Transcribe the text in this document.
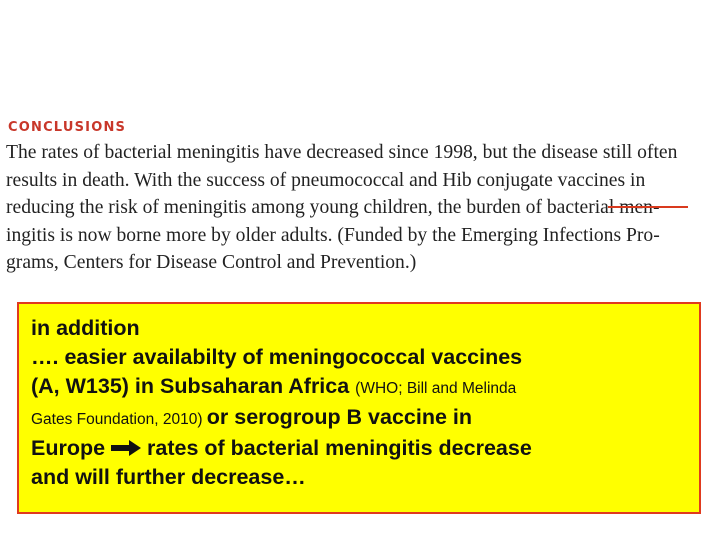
CONCLUSIONS

The rates of bacterial meningitis have decreased since 1998, but the disease still often

results in death. With the success of pneumococcal and Hib conjugate vaccines in

reducing the risk of meningitis among young children, the burden of bacterial men-

ingitis is now borne more by older adults. (Funded by the Emerging Infections Pro-

grams, Centers for Disease Control and Prevention.)

in addition

…. easier availabilty of meningococcal vaccines

(A, W135) in Subsaharan Africa (WHO; Bill and Melinda

Gates Foundation, 2010) or serogroup B vaccine in

Europe  rates of bacterial meningitis decrease

and will further decrease…
